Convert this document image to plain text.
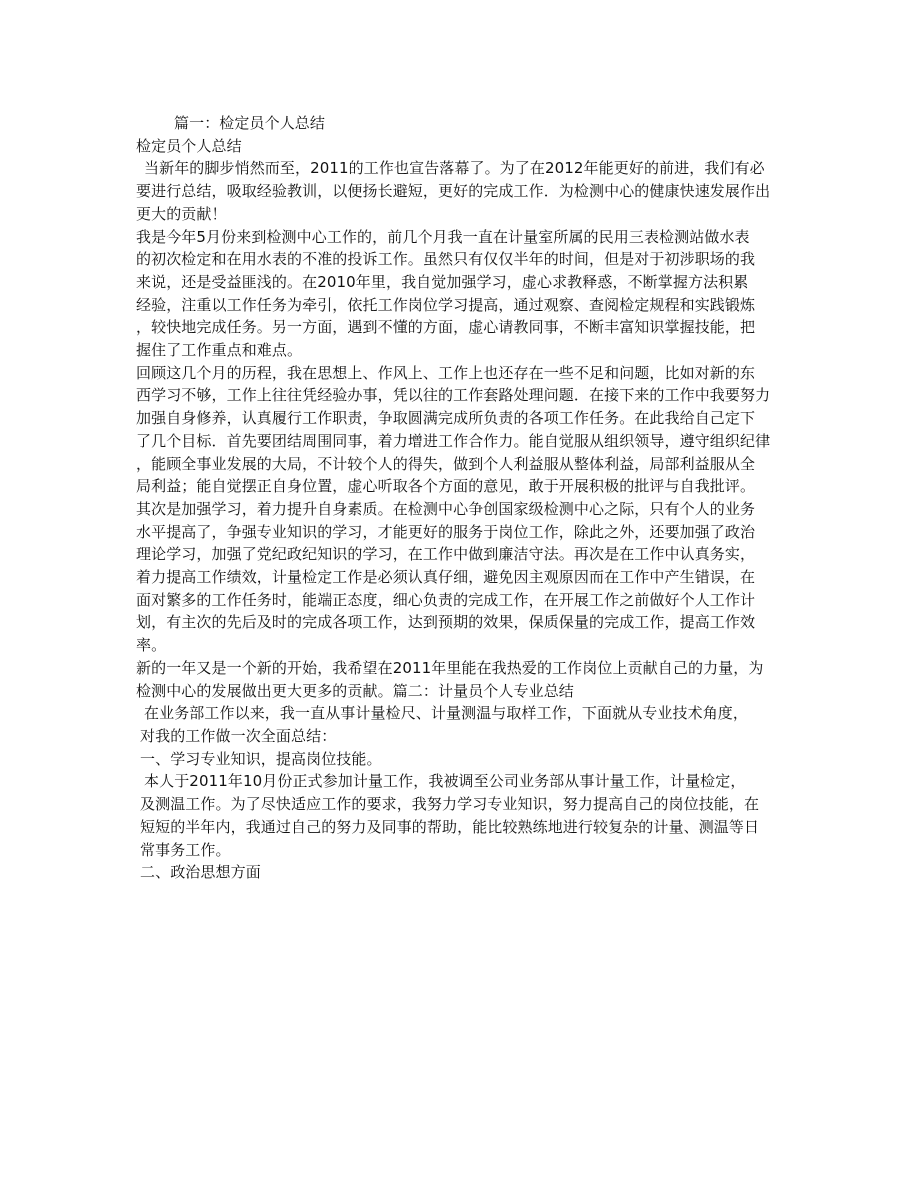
篇一：检定员个人总结
检定员个人总结
当新年的脚步悄然而至，2011的工作也宣告落幕了。为了在2012年能更好的前进，我们有必
要进行总结，吸取经验教训，以便扬长避短，更好的完成工作．为检测中心的健康快速发展作出
更大的贡献！
我是今年5月份来到检测中心工作的，前几个月我一直在计量室所属的民用三表检测站做水表
的初次检定和在用水表的不准的投诉工作。虽然只有仅仅半年的时间，但是对于初涉职场的我
来说，还是受益匪浅的。在2010年里，我自觉加强学习，虚心求教释惑，不断掌握方法积累
经验，注重以工作任务为牵引，依托工作岗位学习提高，通过观察、查阅检定规程和实践锻炼
，较快地完成任务。另一方面，遇到不懂的方面，虚心请教同事，不断丰富知识掌握技能，把
握住了工作重点和难点。
回顾这几个月的历程，我在思想上、作风上、工作上也还存在一些不足和问题，比如对新的东
西学习不够，工作上往往凭经验办事，凭以往的工作套路处理问题．在接下来的工作中我要努力
加强自身修养，认真履行工作职责，争取圆满完成所负责的各项工作任务。在此我给自己定下
了几个目标．首先要团结周围同事，着力增进工作合作力。能自觉服从组织领导，遵守组织纪律
，能顾全事业发展的大局，不计较个人的得失，做到个人利益服从整体利益，局部利益服从全
局利益；能自觉摆正自身位置，虚心听取各个方面的意见，敢于开展积极的批评与自我批评。
其次是加强学习，着力提升自身素质。在检测中心争创国家级检测中心之际，只有个人的业务
水平提高了，争强专业知识的学习，才能更好的服务于岗位工作，除此之外，还要加强了政治
理论学习，加强了党纪政纪知识的学习，在工作中做到廉洁守法。再次是在工作中认真务实，
着力提高工作绩效，计量检定工作是必须认真仔细，避免因主观原因而在工作中产生错误，在
面对繁多的工作任务时，能端正态度，细心负责的完成工作，在开展工作之前做好个人工作计
划，有主次的先后及时的完成各项工作，达到预期的效果，保质保量的完成工作，提高工作效
率。
新的一年又是一个新的开始，我希望在2011年里能在我热爱的工作岗位上贡献自己的力量，为
检测中心的发展做出更大更多的贡献。篇二：计量员个人专业总结
在业务部工作以来，我一直从事计量检尺、计量测温与取样工作，下面就从专业技术角度，
对我的工作做一次全面总结：
一、学习专业知识，提高岗位技能。
本人于2011年10月份正式参加计量工作，我被调至公司业务部从事计量工作，计量检定，
及测温工作。为了尽快适应工作的要求，我努力学习专业知识，努力提高自己的岗位技能，在
短短的半年内，我通过自己的努力及同事的帮助，能比较熟练地进行较复杂的计量、测温等日
常事务工作。
二、政治思想方面
